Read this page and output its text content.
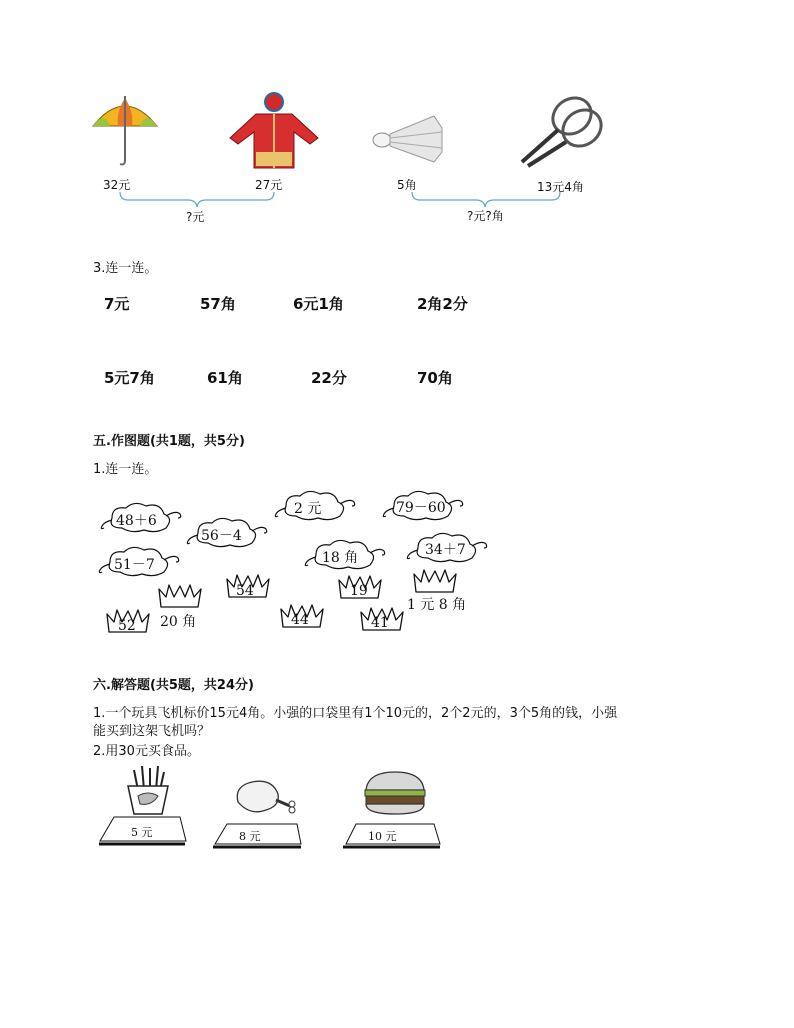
32元	27元
?元
5角	13元4角
?元?角
3.连一连。
7元	57角	6元1角	2角2分
5元7角	61角	22分	70角
五.作图题(共1题，共5分)
1.连一连。
48＋6
56－4
51－7
2 元	79－60
18 角	34＋7
52 20 角
54
44
19
41
1 元 8 角
六.解答题(共5题，共24分)
1.一个玩具飞机标价15元4角。小强的口袋里有1个10元的，2个2元的，3个5角的钱，小强
能买到这架飞机吗？
2.用30元买食品。
5 元	8 元	10 元
